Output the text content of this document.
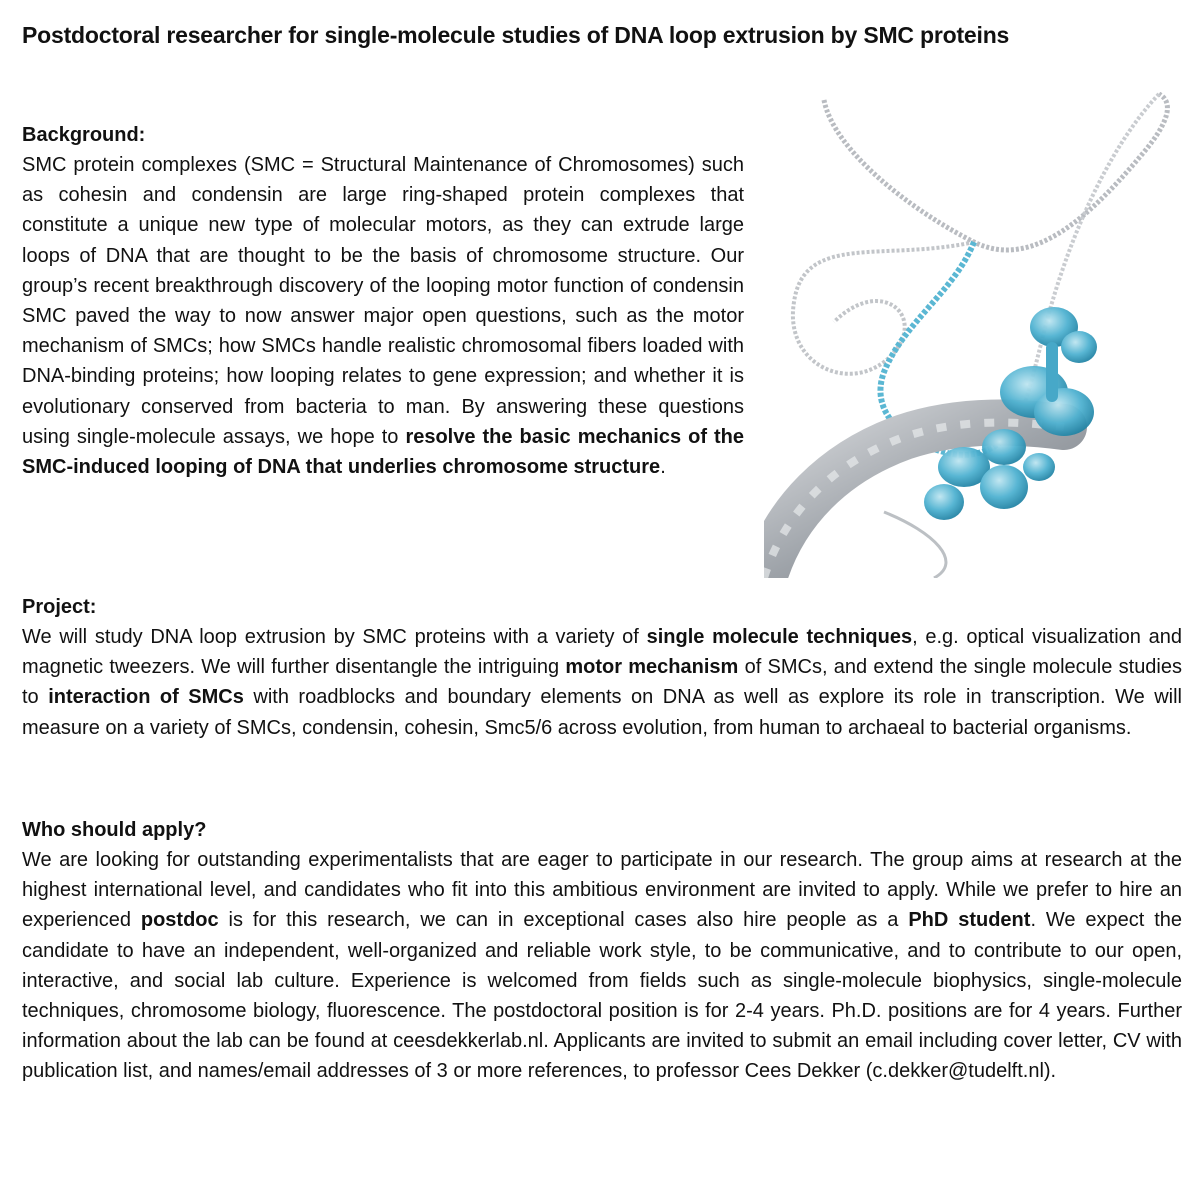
Postdoctoral researcher for single-molecule studies of DNA loop extrusion by SMC proteins
Background:

SMC protein complexes (SMC = Structural Maintenance of Chromosomes) such as cohesin and condensin are large ring-shaped protein complexes that constitute a unique new type of molecular motors, as they can extrude large loops of DNA that are thought to be the basis of chromosome structure. Our group’s recent breakthrough discovery of the looping motor function of condensin SMC paved the way to now answer major open questions, such as the motor mechanism of SMCs; how SMCs handle realistic chromosomal fibers loaded with DNA-binding proteins; how looping relates to gene expression; and whether it is evolutionary conserved from bacteria to man. By answering these questions using single-molecule assays, we hope to resolve the basic mechanics of the SMC-induced looping of DNA that underlies chromosome structure.

Project:

We will study DNA loop extrusion by SMC proteins with a variety of single molecule techniques, e.g. optical visualization and magnetic tweezers. We will further disentangle the intriguing motor mechanism of SMCs, and extend the single molecule studies to interaction of SMCs with roadblocks and boundary elements on DNA as well as explore its role in transcription. We will measure on a variety of SMCs, condensin, cohesin, Smc5/6 across evolution, from human to archaeal to bacterial organisms.

Who should apply?

We are looking for outstanding experimentalists that are eager to participate in our research. The group aims at research at the highest international level, and candidates who fit into this ambitious environment are invited to apply. While we prefer to hire an experienced postdoc is for this research, we can in exceptional cases also hire people as a PhD student. We expect the candidate to have an independent, well-organized and reliable work style, to be communicative, and to contribute to our open, interactive, and social lab culture. Experience is welcomed from fields such as single-molecule biophysics, single-molecule techniques, chromosome biology, fluorescence. The postdoctoral position is for 2-4 years. Ph.D. positions are for 4 years. Further information about the lab can be found at ceesdekkerlab.nl. Applicants are invited to submit an email including cover letter, CV with publication list, and names/email addresses of 3 or more references, to professor Cees Dekker (c.dekker@tudelft.nl).
